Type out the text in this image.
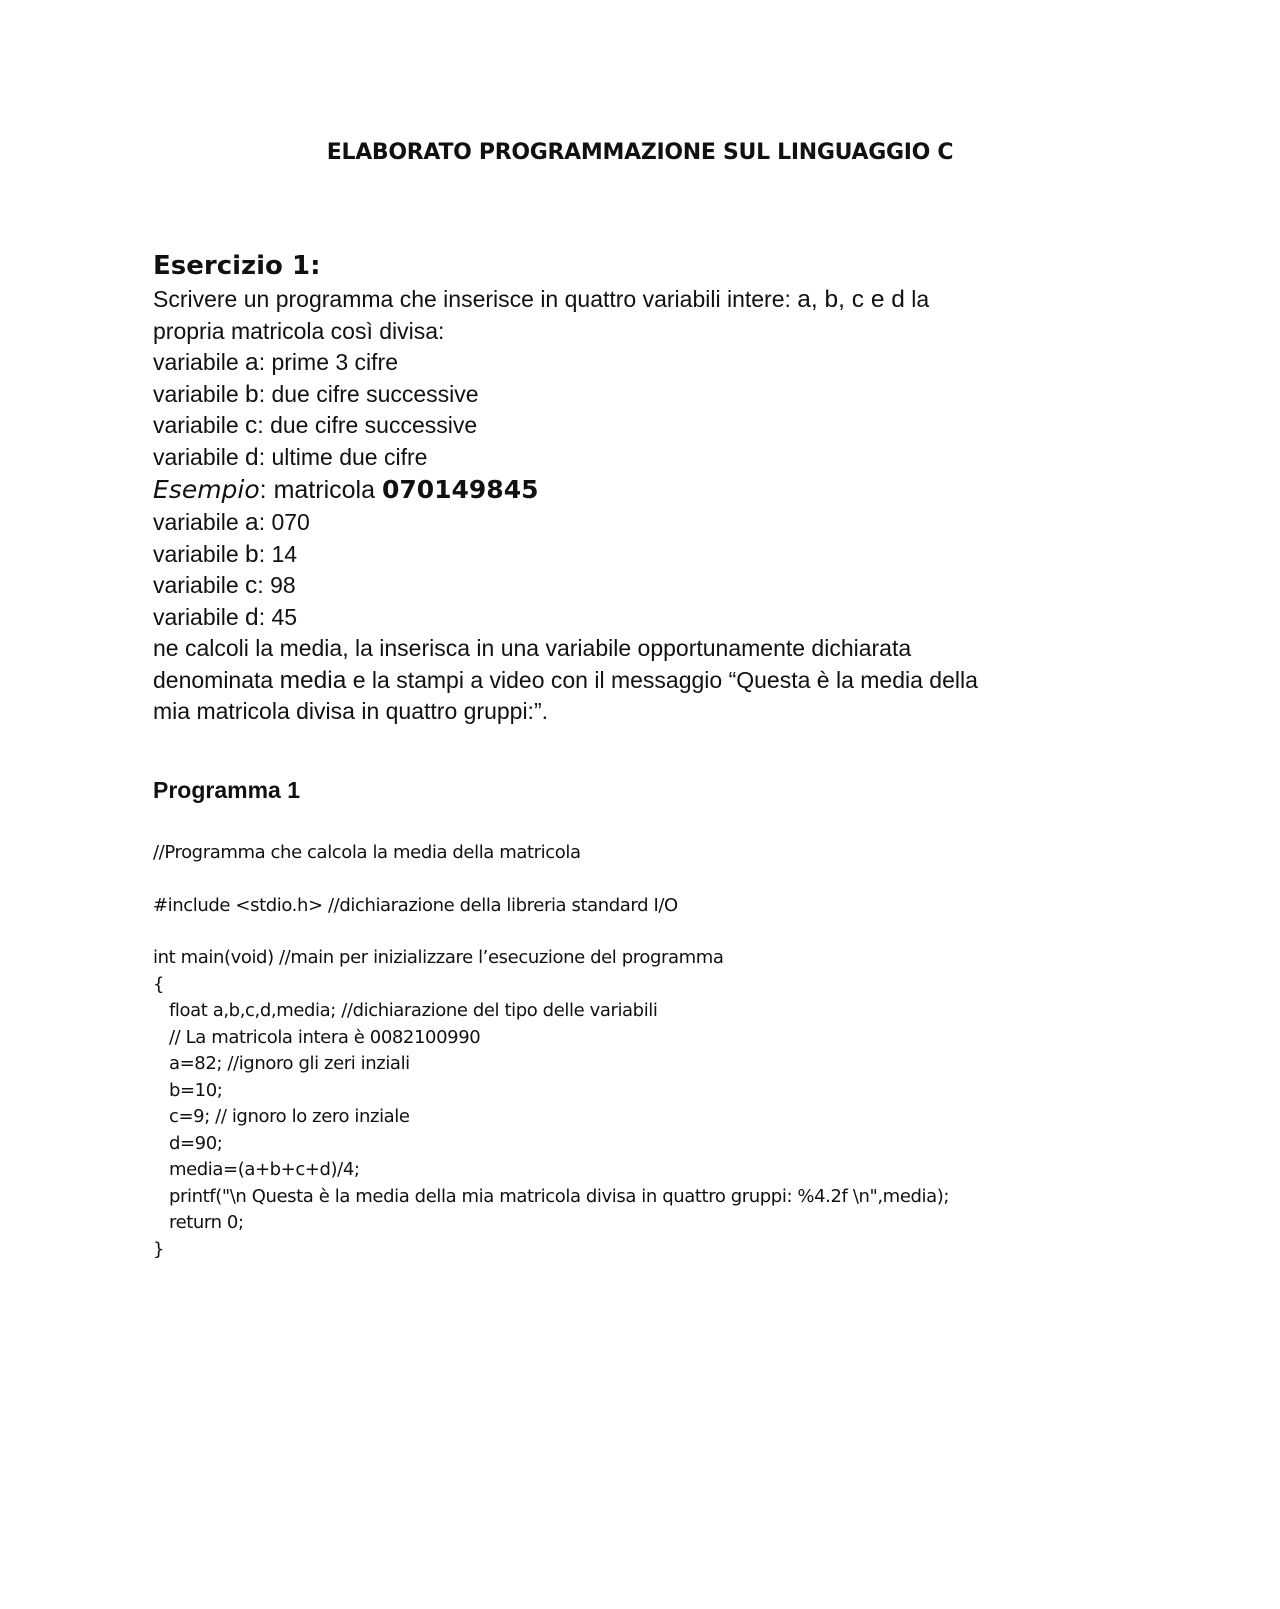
ELABORATO PROGRAMMAZIONE SUL LINGUAGGIO C
Esercizio 1:

Scrivere un programma che inserisce in quattro variabili intere: a, b, c e d la

propria matricola così divisa:

variabile a: prime 3 cifre

variabile b: due cifre successive

variabile c: due cifre successive

variabile d: ultime due cifre

Esempio: matricola 070149845

variabile a: 070

variabile b: 14

variabile c: 98

variabile d: 45

ne calcoli la media, la inserisca in una variabile opportunamente dichiarata

denominata media e la stampi a video con il messaggio “Questa è la media della

mia matricola divisa in quattro gruppi:”.

Programma 1
//Programma che calcola la media della matricola
#include <stdio.h> //dichiarazione della libreria standard I/O
int main(void) //main per inizializzare l’esecuzione del programma
{
float a,b,c,d,media; //dichiarazione del tipo delle variabili
// La matricola intera è 0082100990
a=82; //ignoro gli zeri inziali
b=10;
c=9; // ignoro lo zero inziale
d=90;
media=(a+b+c+d)/4;
printf("\n Questa è la media della mia matricola divisa in quattro gruppi: %4.2f \n",media);
return 0;
}
